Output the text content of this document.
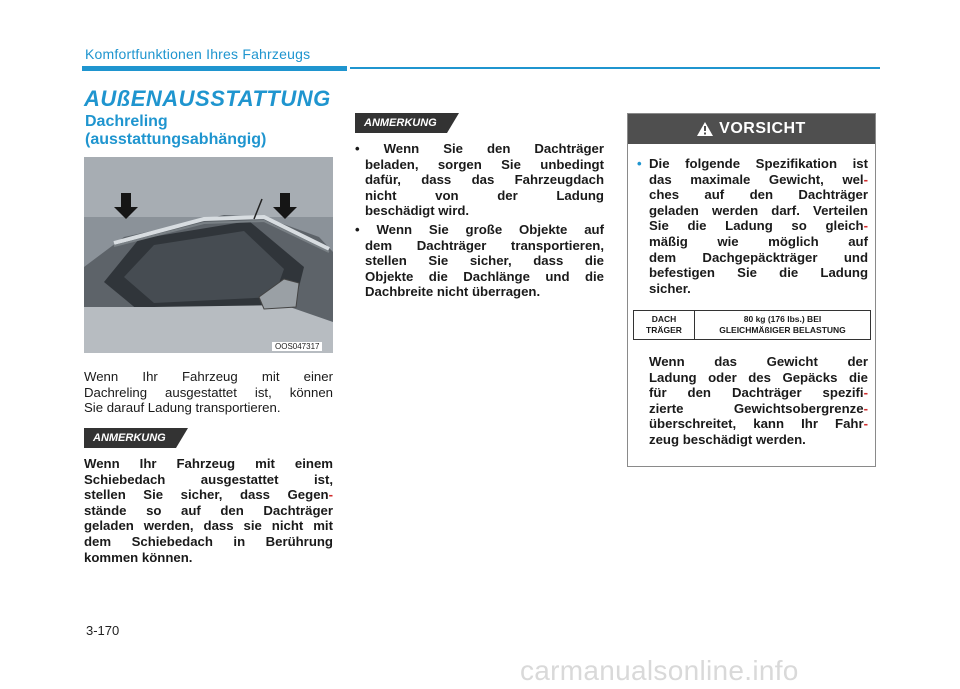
Komfortfunktionen Ihres Fahrzeugs
AUßENAUSSTATTUNG
Dachreling
(ausstattungsabhängig)
OOS047317
Wenn Ihr Fahrzeug mit einer
Dachreling ausgestattet ist, können
Sie darauf Ladung transportieren.
ANMERKUNG
Wenn Ihr Fahrzeug mit einem
Schiebedach ausgestattet ist,
stellen Sie sicher, dass Gegen-
stände so auf den Dachträger
geladen werden, dass sie nicht mit
dem Schiebedach in Berührung
kommen können.
ANMERKUNG
• Wenn Sie den Dachträger
beladen, sorgen Sie unbedingt
dafür, dass das Fahrzeugdach
nicht von der Ladung
beschädigt wird.
• Wenn Sie große Objekte auf
dem Dachträger transportieren,
stellen Sie sicher, dass die
Objekte die Dachlänge und die
Dachbreite nicht überragen.
VORSICHT
• Die folgende Spezifikation ist
das maximale Gewicht, wel-
ches auf den Dachträger
geladen werden darf. Verteilen
Sie die Ladung so gleich-
mäßig wie möglich auf
dem Dachgepäckträger und
befestigen Sie die Ladung
sicher.
DACH
TRÄGER
80 kg (176 lbs.) BEI
GLEICHMÄßIGER BELASTUNG
Wenn das Gewicht der
Ladung oder des Gepäcks die
für den Dachträger spezifi-
zierte Gewichtsobergrenze-
überschreitet, kann Ihr Fahr-
zeug beschädigt werden.
3-170
carmanualsonline.info
